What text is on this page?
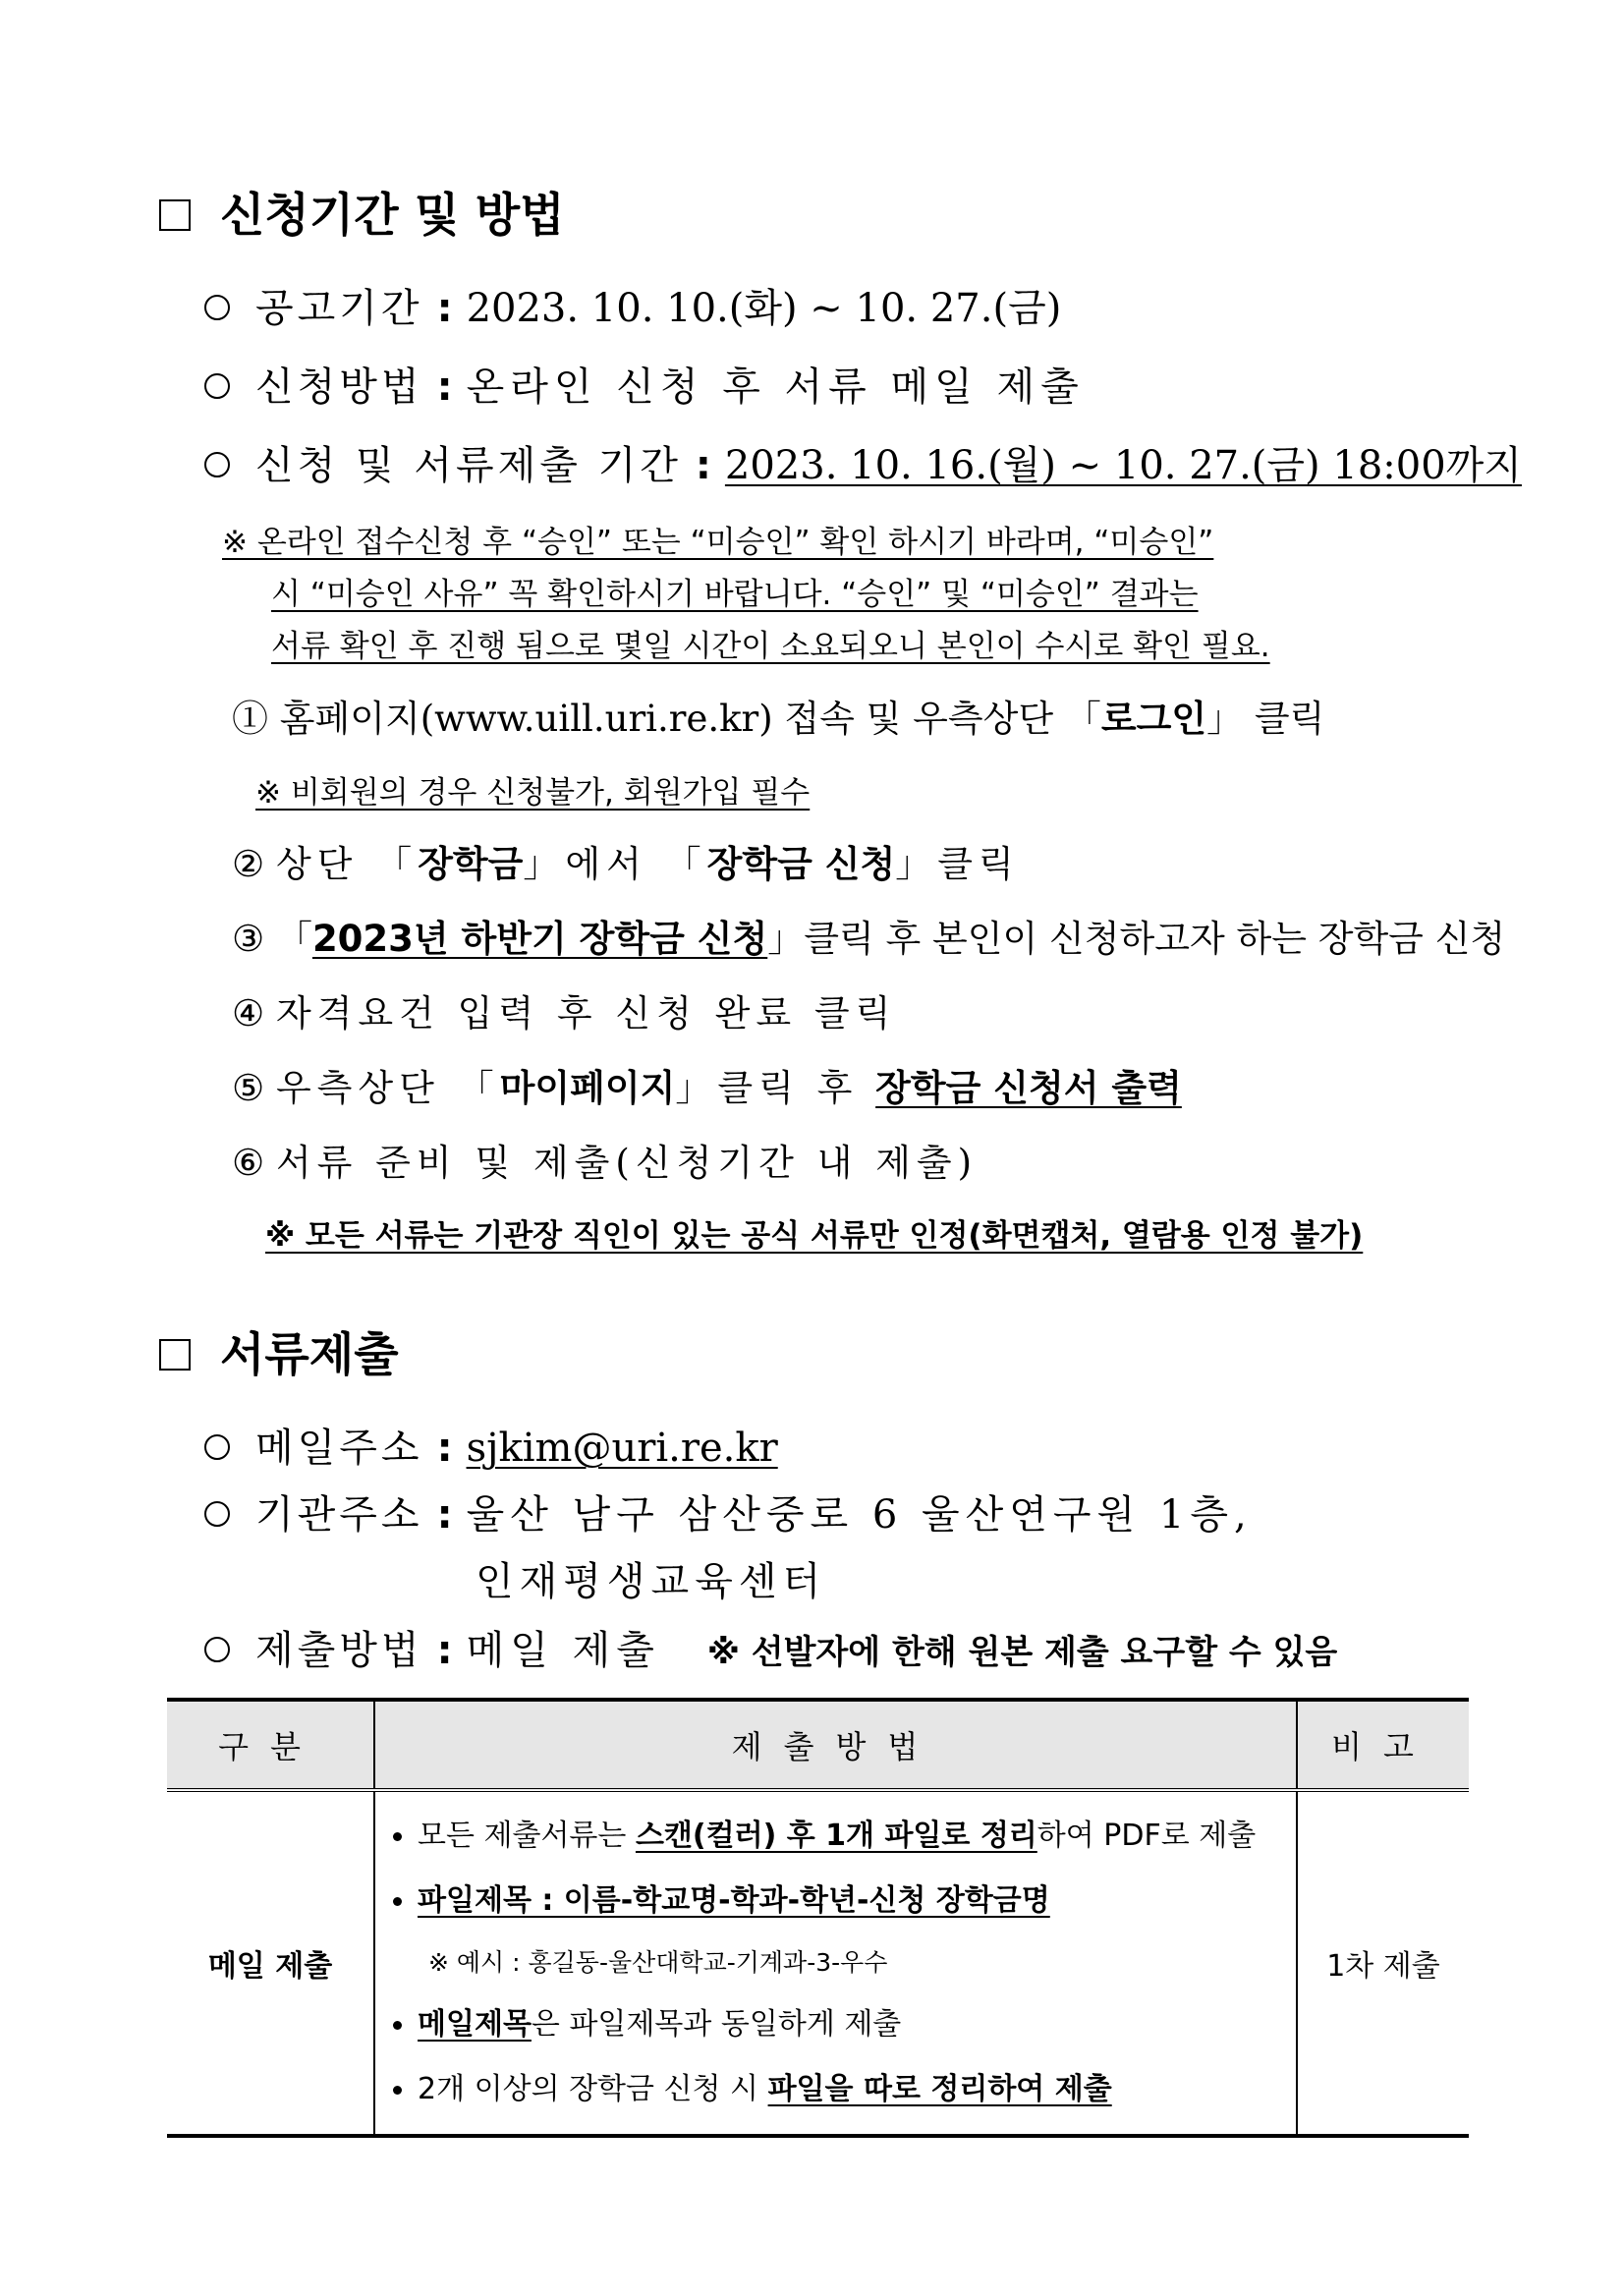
신청기간 및 방법
공고기간 : 2023. 10. 10.(화) ~ 10. 27.(금)
신청방법 : 온라인 신청 후 서류 메일 제출
신청 및 서류제출 기간 : 2023. 10. 16.(월) ~ 10. 27.(금) 18:00까지
※ 온라인 접수신청 후 “승인” 또는 “미승인” 확인 하시기 바라며, “미승인”
시 “미승인 사유” 꼭 확인하시기 바랍니다. “승인” 및 “미승인” 결과는
서류 확인 후 진행 됨으로 몇일 시간이 소요되오니 본인이 수시로 확인 필요.
① 홈페이지(www.uill.uri.re.kr) 접속 및 우측상단 「로그인」 클릭
※ 비회원의 경우 신청불가, 회원가입 필수
② 상단 「장학금」에서 「장학금 신청」클릭
③ 「2023년 하반기 장학금 신청」클릭 후 본인이 신청하고자 하는 장학금 신청
④ 자격요건 입력 후 신청 완료 클릭
⑤ 우측상단 「마이페이지」클릭 후 장학금 신청서 출력
⑥ 서류 준비 및 제출(신청기간 내 제출)
※ 모든 서류는 기관장 직인이 있는 공식 서류만 인정(화면캡처, 열람용 인정 불가)
서류제출
메일주소 : sjkim@uri.re.kr
기관주소 : 울산 남구 삼산중로 6 울산연구원 1층,
인재평생교육센터
제출방법 : 메일 제출 ※ 선발자에 한해 원본 제출 요구할 수 있음
구분	제출방법	비고
메일 제출	모든 제출서류는 스캔(컬러) 후 1개 파일로 정리하여 PDF로 제출
파일제목 : 이름-학교명-학과-학년-신청 장학금명
※ 예시 : 홍길동-울산대학교-기계과-3-우수
메일제목은 파일제목과 동일하게 제출
2개 이상의 장학금 신청 시 파일을 따로 정리하여 제출	1차 제출
